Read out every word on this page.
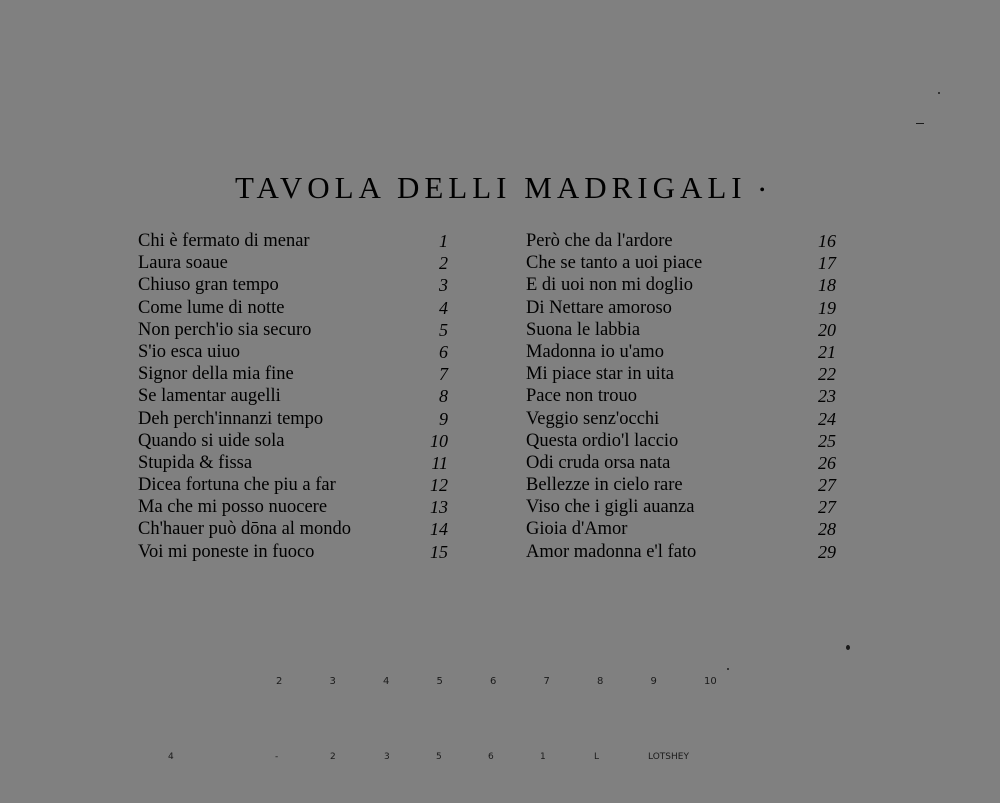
TAVOLA DELLI MADRIGALI •
Chi è fermato di menar	1
Laura soaue	2
Chiuso gran tempo	3
Come lume di notte	4
Non perch'io sia securo	5
S'io esca uiuo	6
Signor della mia fine	7
Se lamentar augelli	8
Deh perch'innanzi tempo	9
Quando si uide sola	10
Stupida & fissa	11
Dicea fortuna che piu a far	12
Ma che mi posso nuocere	13
Ch'hauer può dōna al mondo	14
Voi mi poneste in fuoco	15
Però che da l'ardore	16
Che se tanto a uoi piace	17
E di uoi non mi doglio	18
Di Nettare amoroso	19
Suona le labbia	20
Madonna io u'amo	21
Mi piace star in uita	22
Pace non trouo	23
Veggio senz'occhi	24
Questa ordio'l laccio	25
Odi cruda orsa nata	26
Bellezze in cielo rare	27
Viso che i gigli auanza	27
Gioia d'Amor	28
Amor madonna e'l fato	29
2	3	4	5	6	7	8	9	10
4	-	2	3	5	6	1	L	LOTSHEY
